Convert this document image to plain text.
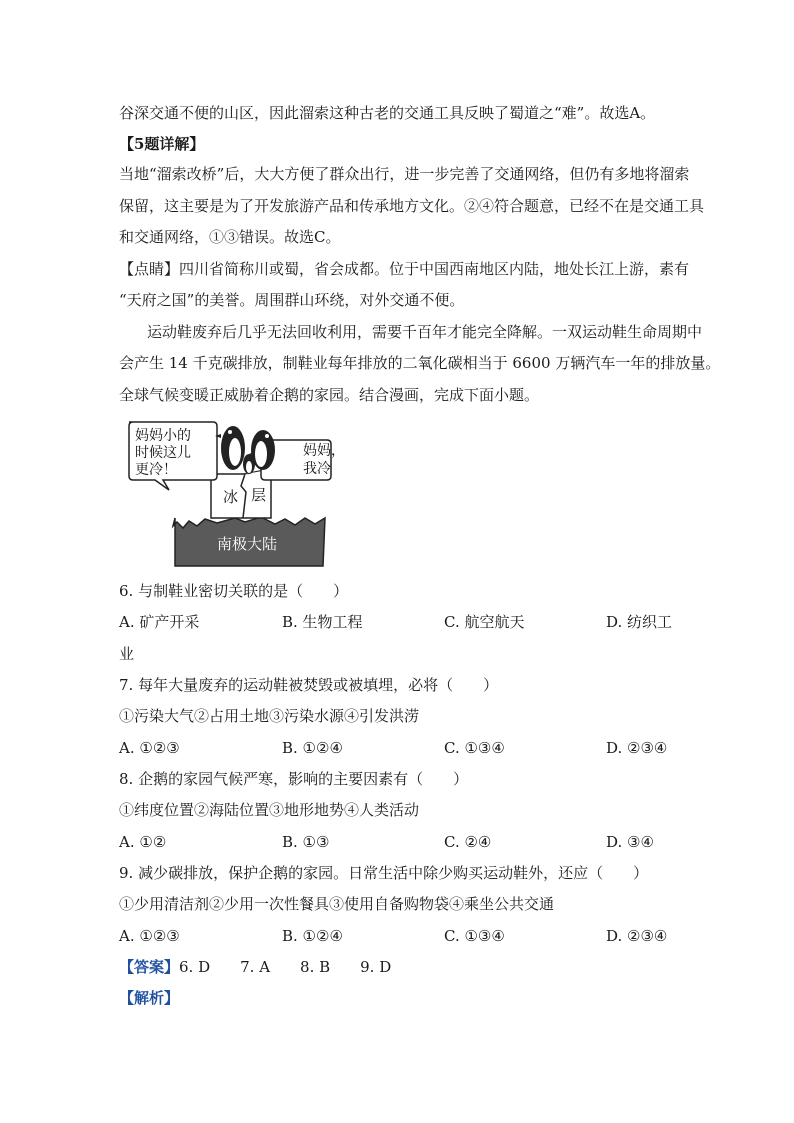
谷深交通不便的山区，因此溜索这种古老的交通工具反映了蜀道之“难”。故选A。
【5题详解】
当地“溜索改桥”后，大大方便了群众出行，进一步完善了交通网络，但仍有多地将溜索
保留，这主要是为了开发旅游产品和传承地方文化。②④符合题意，已经不在是交通工具
和交通网络，①③错误。故选C。
【点睛】四川省简称川或蜀，省会成都。位于中国西南地区内陆，地处长江上游，素有
“天府之国”的美誉。周围群山环绕，对外交通不便。
运动鞋废弃后几乎无法回收利用，需要千百年才能完全降解。一双运动鞋生命周期中
会产生 14 千克碳排放，制鞋业每年排放的二氧化碳相当于 6600 万辆汽车一年的排放量。
全球气候变暖正威胁着企鹅的家园。结合漫画，完成下面小题。
妈妈小的
时候这儿
更冷！
妈妈，
我冷
冰 层
南极大陆
6. 与制鞋业密切关联的是（　　）
A. 矿产开采	B. 生物工程	C. 航空航天	D. 纺织工
业
7. 每年大量废弃的运动鞋被焚毁或被填埋，必将（　　）
①污染大气②占用土地③污染水源④引发洪涝
A. ①②③	B. ①②④	C. ①③④	D. ②③④
8. 企鹅的家园气候严寒，影响的主要因素有（　　）
①纬度位置②海陆位置③地形地势④人类活动
A. ①②	B. ①③	C. ②④	D. ③④
9. 减少碳排放，保护企鹅的家园。日常生活中除少购买运动鞋外，还应（　　）
①少用清洁剂②少用一次性餐具③使用自备购物袋④乘坐公共交通
A. ①②③	B. ①②④	C. ①③④	D. ②③④
【答案】6. D　　7. A　　8. B　　9. D
【解析】
